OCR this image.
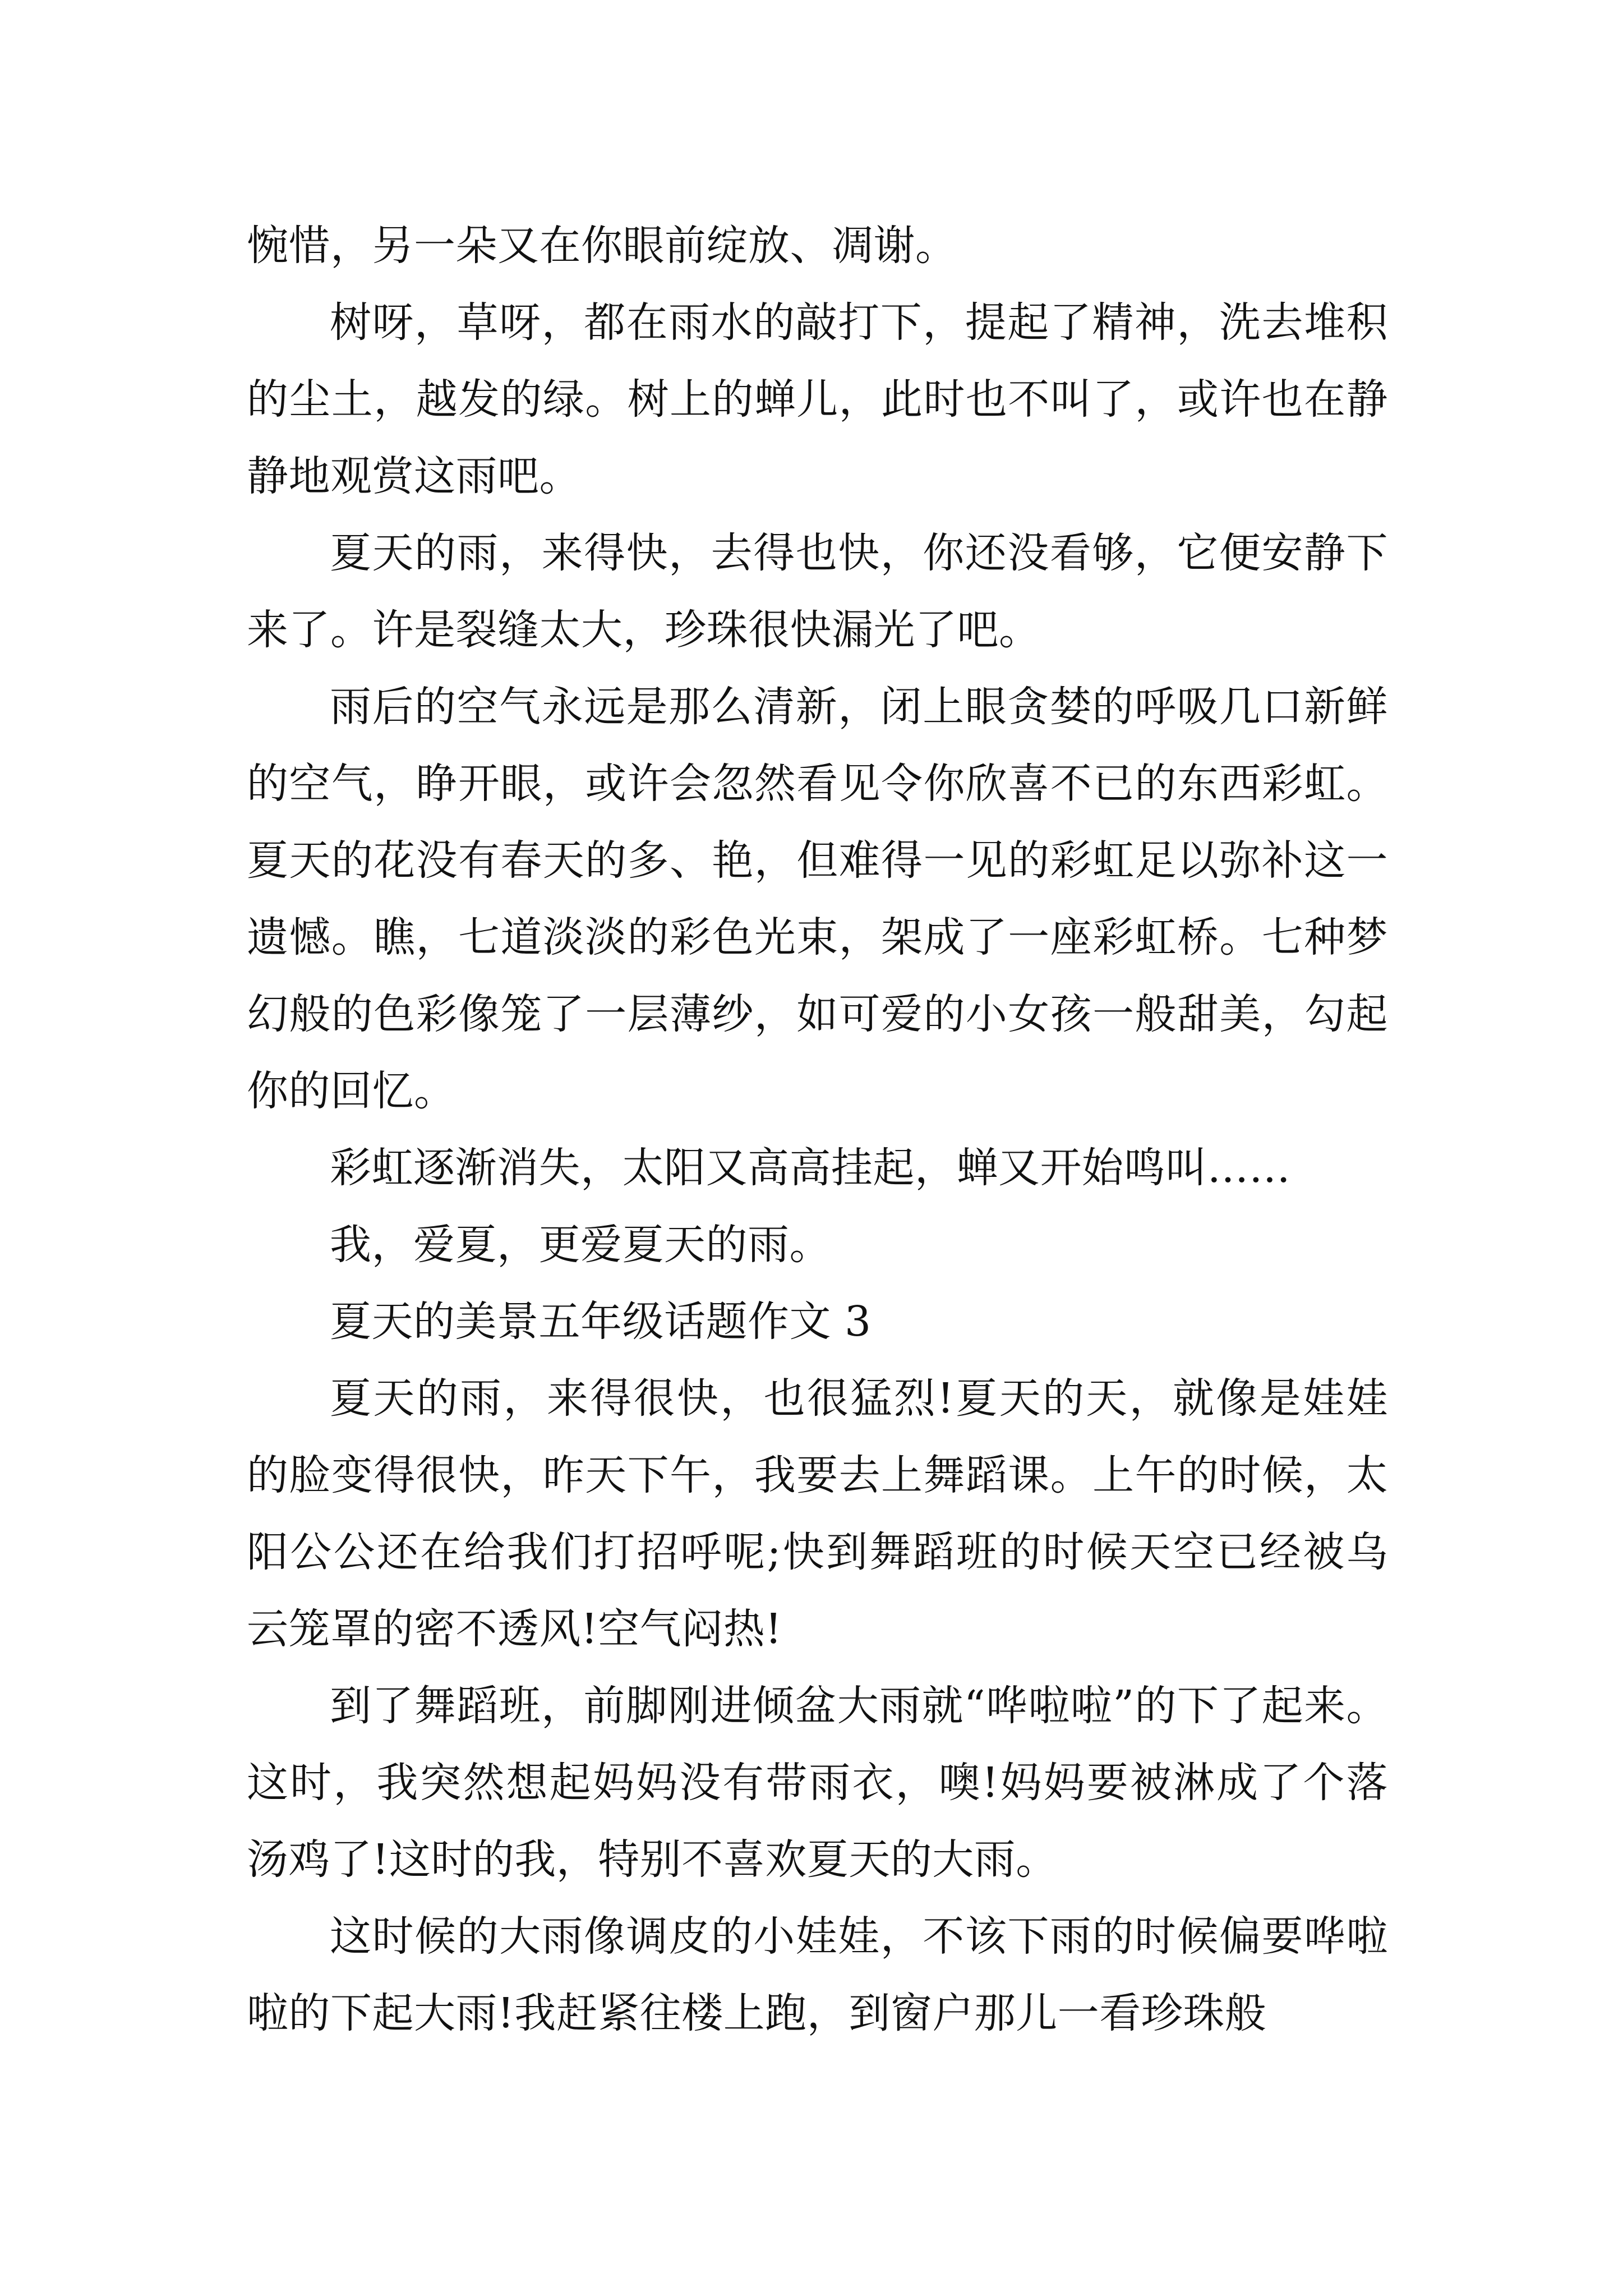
惋惜，另一朵又在你眼前绽放、凋谢。

树呀，草呀，都在雨水的敲打下，提起了精神，洗去堆积的尘土，越发的绿。树上的蝉儿，此时也不叫了，或许也在静静地观赏这雨吧。

夏天的雨，来得快，去得也快，你还没看够，它便安静下来了。许是裂缝太大，珍珠很快漏光了吧。

雨后的空气永远是那么清新，闭上眼贪婪的呼吸几口新鲜的空气，睁开眼，或许会忽然看见令你欣喜不已的东西彩虹。夏天的花没有春天的多、艳，但难得一见的彩虹足以弥补这一遗憾。瞧，七道淡淡的彩色光束，架成了一座彩虹桥。七种梦幻般的色彩像笼了一层薄纱，如可爱的小女孩一般甜美，勾起你的回忆。

彩虹逐渐消失，太阳又高高挂起，蝉又开始鸣叫……

我，爱夏，更爱夏天的雨。

夏天的美景五年级话题作文 3

夏天的雨，来得很快，也很猛烈!夏天的天，就像是娃娃的脸变得很快，昨天下午，我要去上舞蹈课。上午的时候，太阳公公还在给我们打招呼呢;快到舞蹈班的时候天空已经被乌云笼罩的密不透风!空气闷热!

到了舞蹈班，前脚刚进倾盆大雨就“哗啦啦”的下了起来。这时，我突然想起妈妈没有带雨衣，噢!妈妈要被淋成了个落汤鸡了!这时的我，特别不喜欢夏天的大雨。

这时候的大雨像调皮的小娃娃，不该下雨的时候偏要哗啦啦的下起大雨!我赶紧往楼上跑，到窗户那儿一看珍珠般
